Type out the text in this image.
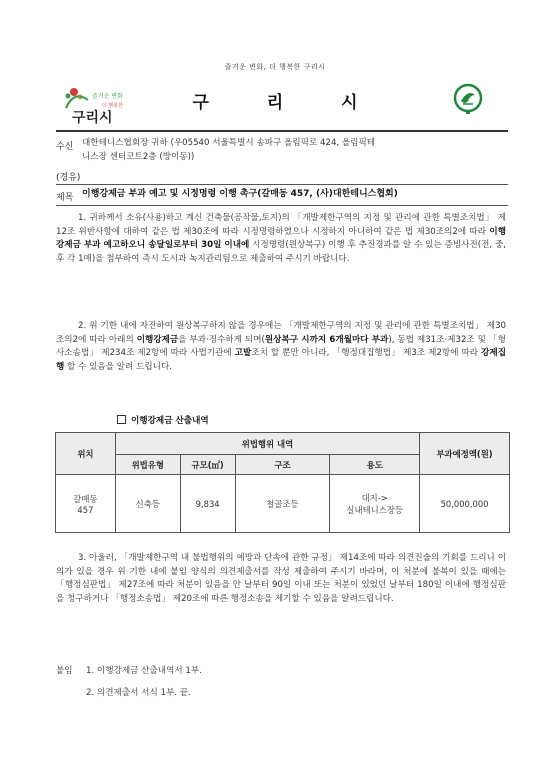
즐거운 변화, 더 행복한 구리시
구리시
즐거운 변화
더 행복한	구 리 시
수신 대한테니스협회장 귀하 (우05540 서울특별시 송파구 올림픽로 424, 올림픽테
니스장 센터코트2층 (방이동))
(경유)
제목 이행강제금 부과 예고 및 시정명령 이행 촉구(갈매동 457, (사)대한테니스협회)
1. 귀하께서 소유(사용)하고 계신 건축물(공작물,토지)의 「개발제한구역의 지정 및 관리에 관한 특별조치법」 제12조 위반사항에 대하여 같은 법 제30조에 따라 시정명령하였으나 시정하지 아니하여 같은 법 제30조의2에 따라 이행강제금 부과 예고하오니 송달일로부터 30일 이내에 시정명령(원상복구) 이행 후 추진경과를 알 수 있는 증빙사진(전, 중, 후 각 1매)을 첨부하여 즉시 도시과 녹지관리팀으로 제출하여 주시기 바랍니다.
2. 위 기한 내에 자진하여 원상복구하지 않을 경우에는 「개발제한구역의 지정 및 관리에 관한 특별조치법」 제30조의2에 따라 아래의 이행강제금을 부과·징수하게 되며(원상복구 시까지 6개월마다 부과), 동법 제31조·제32조 및 「형사소송법」 제234조 제2항에 따라 사법기관에 고발조치 할 뿐만 아니라, 「행정대집행법」 제3조 제2항에 따라 강제집행 할 수 있음을 알려 드립니다.
이행강제금 산출내역
위치	위법행위 내역				부과예정액(원)
	위법유형	규모(㎡)	구조	용도	
갈매동
457	신축등	9,834	철골조등	대지->
실내테니스장등	50,000,000
3. 아울러, 「개발제한구역 내 불법행위의 예방과 단속에 관한 규정」 제14조에 따라 의견진술의 기회를 드리니 이의가 있을 경우 위 기한 내에 붙임 양식의 의견제출서를 작성 제출하여 주시기 바라며, 이 처분에 불복이 있을 때에는 「행정심판법」 제27조에 따라 처분이 있음을 안 날부터 90일 이내 또는 처분이 있었던 날부터 180일 이내에 행정심판을 청구하거나 「행정소송법」 제20조에 따른 행정소송을 제기할 수 있음을 알려드립니다.
붙임 1. 이행강제금 산출내역서 1부.
2. 의견제출서 서식 1부. 끝.
